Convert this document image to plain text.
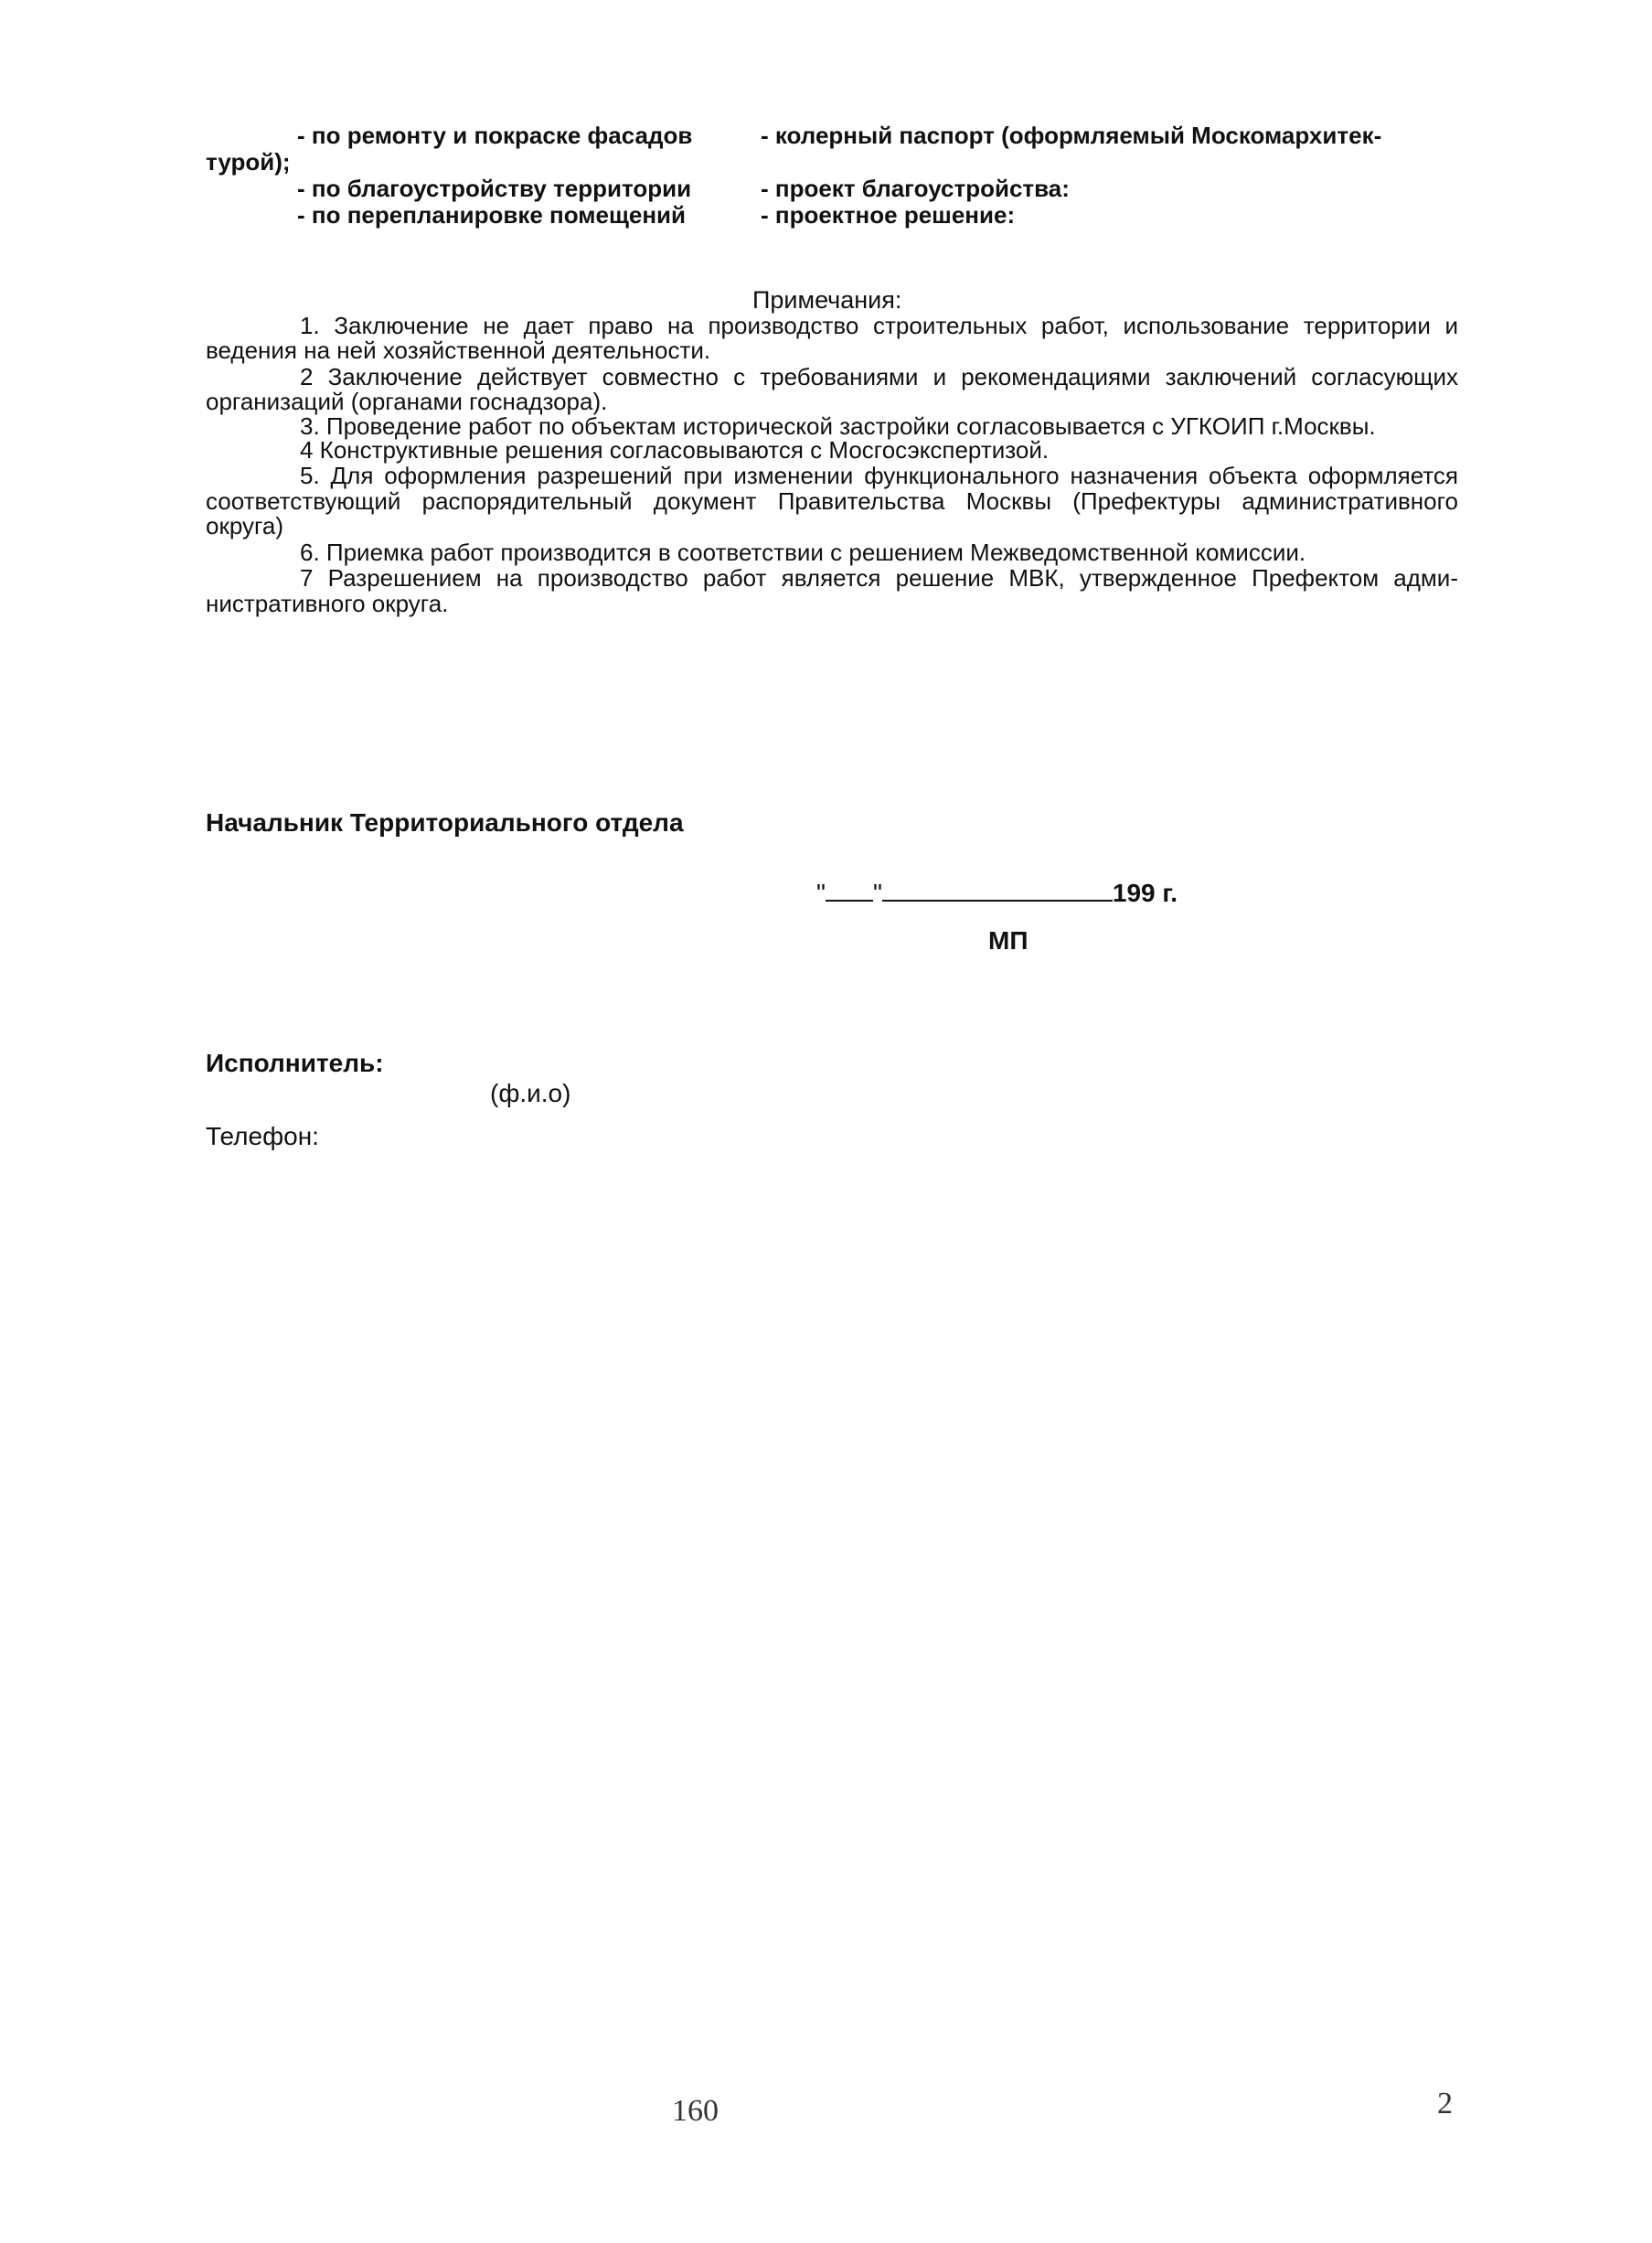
- по ремонту и покраске фасадов	- колерный паспорт (оформляемый Москомархитек-
турой);
- по благоустройству территории	- проект благоустройства:
- по перепланировке помещений	- проектное решение:
Примечания:
1. Заключение не дает право на производство строительных работ, использование территории и
ведения на ней хозяйственной деятельности.
2 Заключение действует совместно с требованиями и рекомендациями заключений согласующих
организаций (органами госнадзора).
3. Проведение работ по объектам исторической застройки согласовывается с УГКОИП г.Москвы.
4 Конструктивные решения согласовываются с Мосгосэкспертизой.
5. Для оформления разрешений при изменении функционального назначения объекта оформляется
соответствующий распорядительный документ Правительства Москвы (Префектуры административного
округа)
6. Приемка работ производится в соответствии с решением Межведомственной комиссии.
7 Разрешением на производство работ является решение МВК, утвержденное Префектом адми-
нистративного округа.
Начальник Территориального отдела
" "	199 г.
МП
Исполнитель:
(ф.и.о)
Телефон:
160	2
